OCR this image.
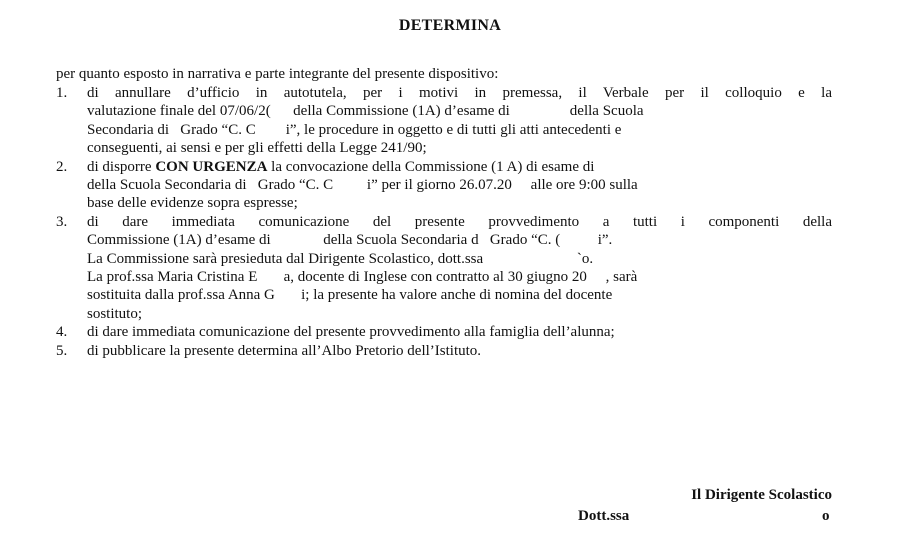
DETERMINA
per quanto esposto in narrativa e parte integrante del presente dispositivo:
1. di annullare d’ufficio in autotutela, per i motivi in premessa, il Verbale per il colloquio e la
valutazione finale del 07/06/2(      della Commissione (1A) d’esame di                della Scuola
Secondaria di   Grado “C. C        i”, le procedure in oggetto e di tutti gli atti antecedenti e
conseguenti, ai sensi e per gli effetti della Legge 241/90;
2. di disporre CON URGENZA la convocazione della Commissione (1 A) di esame di
della Scuola Secondaria di   Grado “C. C         i” per il giorno 26.07.20     alle ore 9:00 sulla
base delle evidenze sopra espresse;
3. di dare immediata comunicazione del presente provvedimento a tutti i componenti della
Commissione (1A) d’esame di              della Scuola Secondaria d   Grado “C. (          i”.
La Commissione sarà presieduta dal Dirigente Scolastico, dott.ssa                         `o.
La prof.ssa Maria Cristina E       a, docente di Inglese con contratto al 30 giugno 20     , sarà
sostituita dalla prof.ssa Anna G       i; la presente ha valore anche di nomina del docente
sostituto;
4. di dare immediata comunicazione del presente provvedimento alla famiglia dell’alunna;
5. di pubblicare la presente determina all’Albo Pretorio dell’Istituto.
Il Dirigente Scolastico
Dott.ssa	o
